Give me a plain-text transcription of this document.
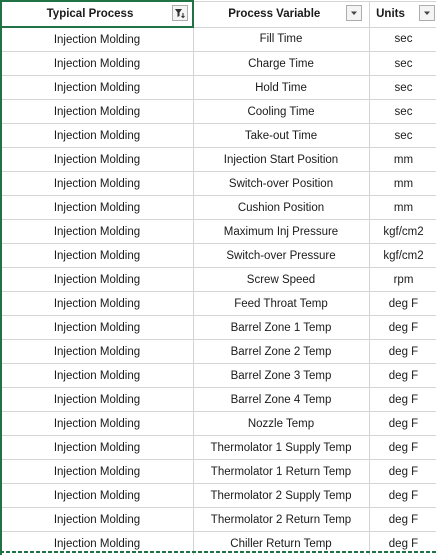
Typical Process	Process Variable	Units

Injection Molding	Fill Time	sec
Injection Molding	Charge Time	sec
Injection Molding	Hold Time	sec
Injection Molding	Cooling Time	sec
Injection Molding	Take-out Time	sec
Injection Molding	Injection Start Position	mm
Injection Molding	Switch-over Position	mm
Injection Molding	Cushion Position	mm
Injection Molding	Maximum Inj Pressure	kgf/cm2
Injection Molding	Switch-over Pressure	kgf/cm2
Injection Molding	Screw Speed	rpm
Injection Molding	Feed Throat Temp	deg F
Injection Molding	Barrel Zone 1 Temp	deg F
Injection Molding	Barrel Zone 2 Temp	deg F
Injection Molding	Barrel Zone 3 Temp	deg F
Injection Molding	Barrel Zone 4 Temp	deg F
Injection Molding	Nozzle Temp	deg F
Injection Molding	Thermolator 1 Supply Temp	deg F
Injection Molding	Thermolator 1 Return Temp	deg F
Injection Molding	Thermolator 2 Supply Temp	deg F
Injection Molding	Thermolator 2 Return Temp	deg F
Injection Molding	Chiller Return Temp	deg F
